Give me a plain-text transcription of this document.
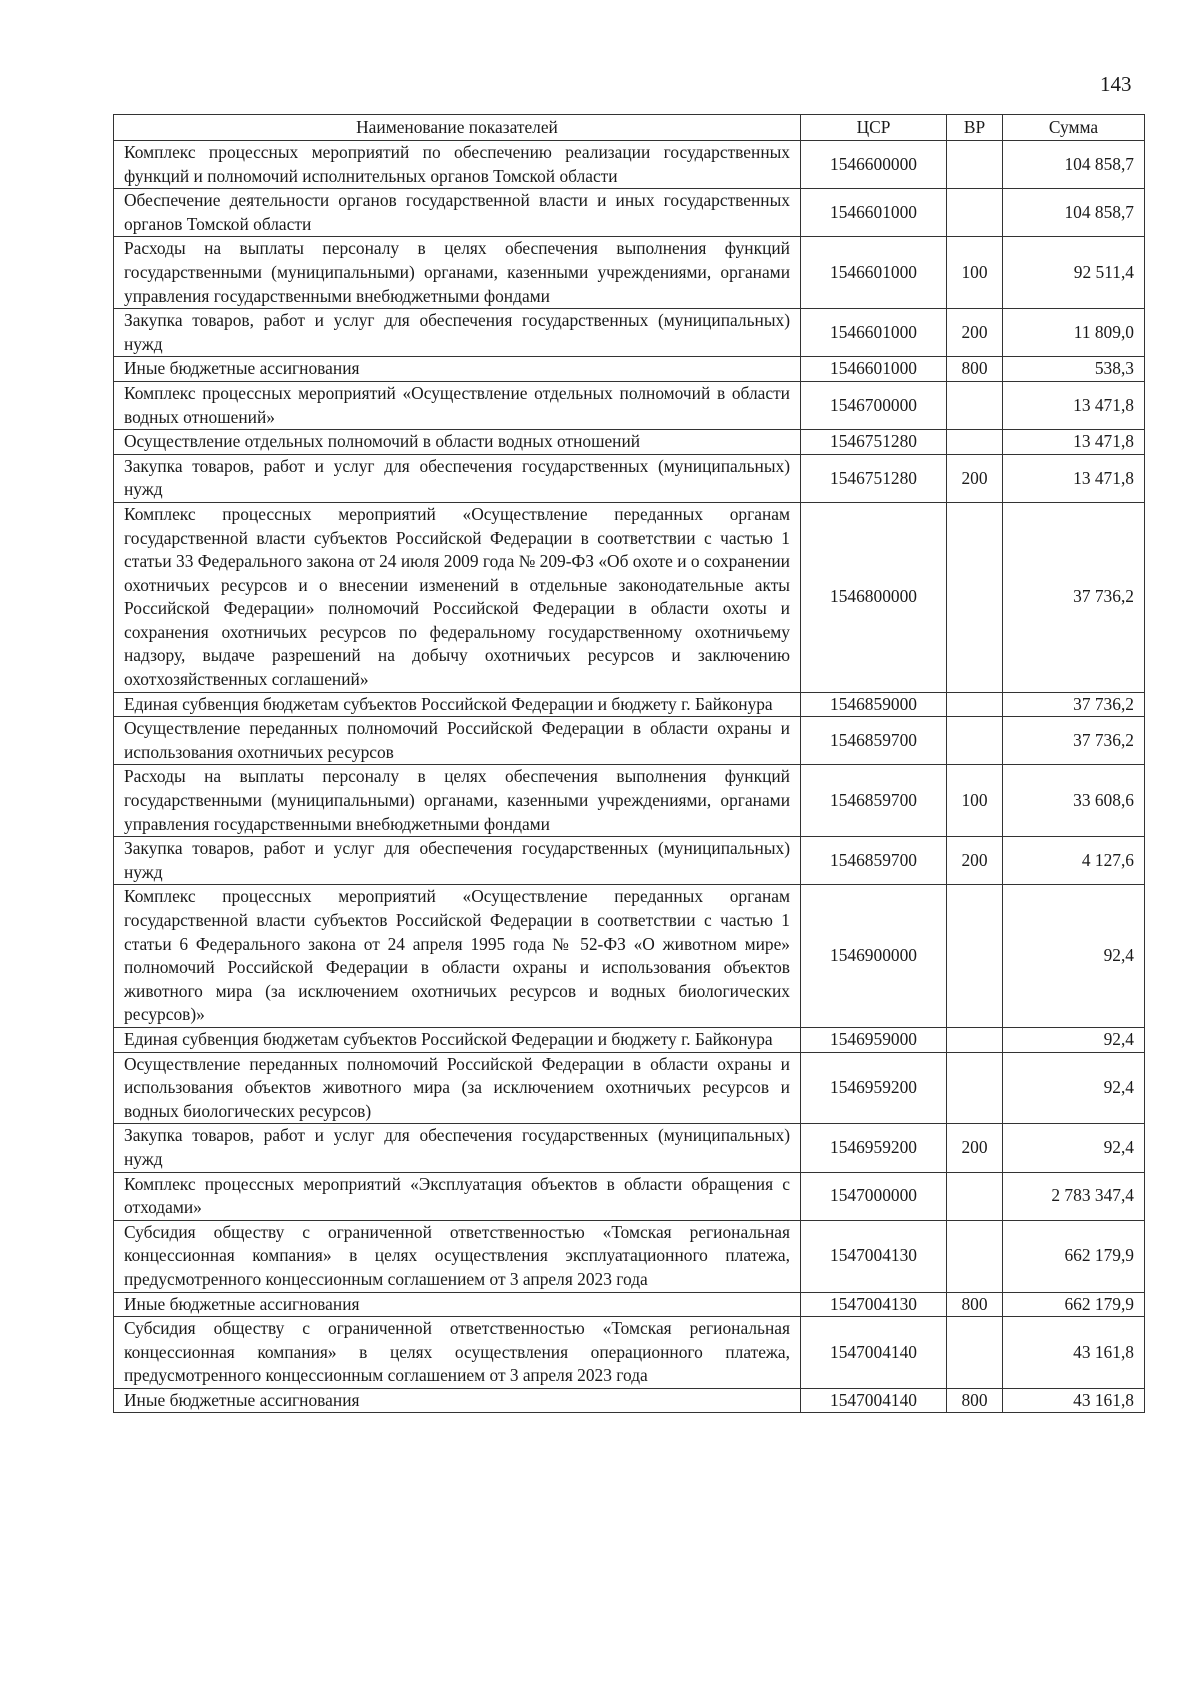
143
Наименование показателей	ЦСР	ВР	Сумма
Комплекс процессных мероприятий по обеспечению реализации государственных функций и полномочий исполнительных органов Томской области	1546600000		104 858,7
Обеспечение деятельности органов государственной власти и иных государственных органов Томской области	1546601000		104 858,7
Расходы на выплаты персоналу в целях обеспечения выполнения функций государственными (муниципальными) органами, казенными учреждениями, органами управления государственными внебюджетными фондами	1546601000	100	92 511,4
Закупка товаров, работ и услуг для обеспечения государственных (муниципальных) нужд	1546601000	200	11 809,0
Иные бюджетные ассигнования	1546601000	800	538,3
Комплекс процессных мероприятий «Осуществление отдельных полномочий в области водных отношений»	1546700000		13 471,8
Осуществление отдельных полномочий в области водных отношений	1546751280		13 471,8
Закупка товаров, работ и услуг для обеспечения государственных (муниципальных) нужд	1546751280	200	13 471,8
Комплекс процессных мероприятий «Осуществление переданных органам государственной власти субъектов Российской Федерации в соответствии с частью 1 статьи 33 Федерального закона от 24 июля 2009 года № 209-ФЗ «Об охоте и о сохранении охотничьих ресурсов и о внесении изменений в отдельные законодательные акты Российской Федерации» полномочий Российской Федерации в области охоты и сохранения охотничьих ресурсов по федеральному государственному охотничьему надзору, выдаче разрешений на добычу охотничьих ресурсов и заключению охотхозяйственных соглашений»	1546800000		37 736,2
Единая субвенция бюджетам субъектов Российской Федерации и бюджету г. Байконура	1546859000		37 736,2
Осуществление переданных полномочий Российской Федерации в области охраны и использования охотничьих ресурсов	1546859700		37 736,2
Расходы на выплаты персоналу в целях обеспечения выполнения функций государственными (муниципальными) органами, казенными учреждениями, органами управления государственными внебюджетными фондами	1546859700	100	33 608,6
Закупка товаров, работ и услуг для обеспечения государственных (муниципальных) нужд	1546859700	200	4 127,6
Комплекс процессных мероприятий «Осуществление переданных органам государственной власти субъектов Российской Федерации в соответствии с частью 1 статьи 6 Федерального закона от 24 апреля 1995 года № 52-ФЗ «О животном мире» полномочий Российской Федерации в области охраны и использования объектов животного мира (за исключением охотничьих ресурсов и водных биологических ресурсов)»	1546900000		92,4
Единая субвенция бюджетам субъектов Российской Федерации и бюджету г. Байконура	1546959000		92,4
Осуществление переданных полномочий Российской Федерации в области охраны и использования объектов животного мира (за исключением охотничьих ресурсов и водных биологических ресурсов)	1546959200		92,4
Закупка товаров, работ и услуг для обеспечения государственных (муниципальных) нужд	1546959200	200	92,4
Комплекс процессных мероприятий «Эксплуатация объектов в области обращения с отходами»	1547000000		2 783 347,4
Субсидия обществу с ограниченной ответственностью «Томская региональная концессионная компания» в целях осуществления эксплуатационного платежа, предусмотренного концессионным соглашением от 3 апреля 2023 года	1547004130		662 179,9
Иные бюджетные ассигнования	1547004130	800	662 179,9
Субсидия обществу с ограниченной ответственностью «Томская региональная концессионная компания» в целях осуществления операционного платежа, предусмотренного концессионным соглашением от 3 апреля 2023 года	1547004140		43 161,8
Иные бюджетные ассигнования	1547004140	800	43 161,8
